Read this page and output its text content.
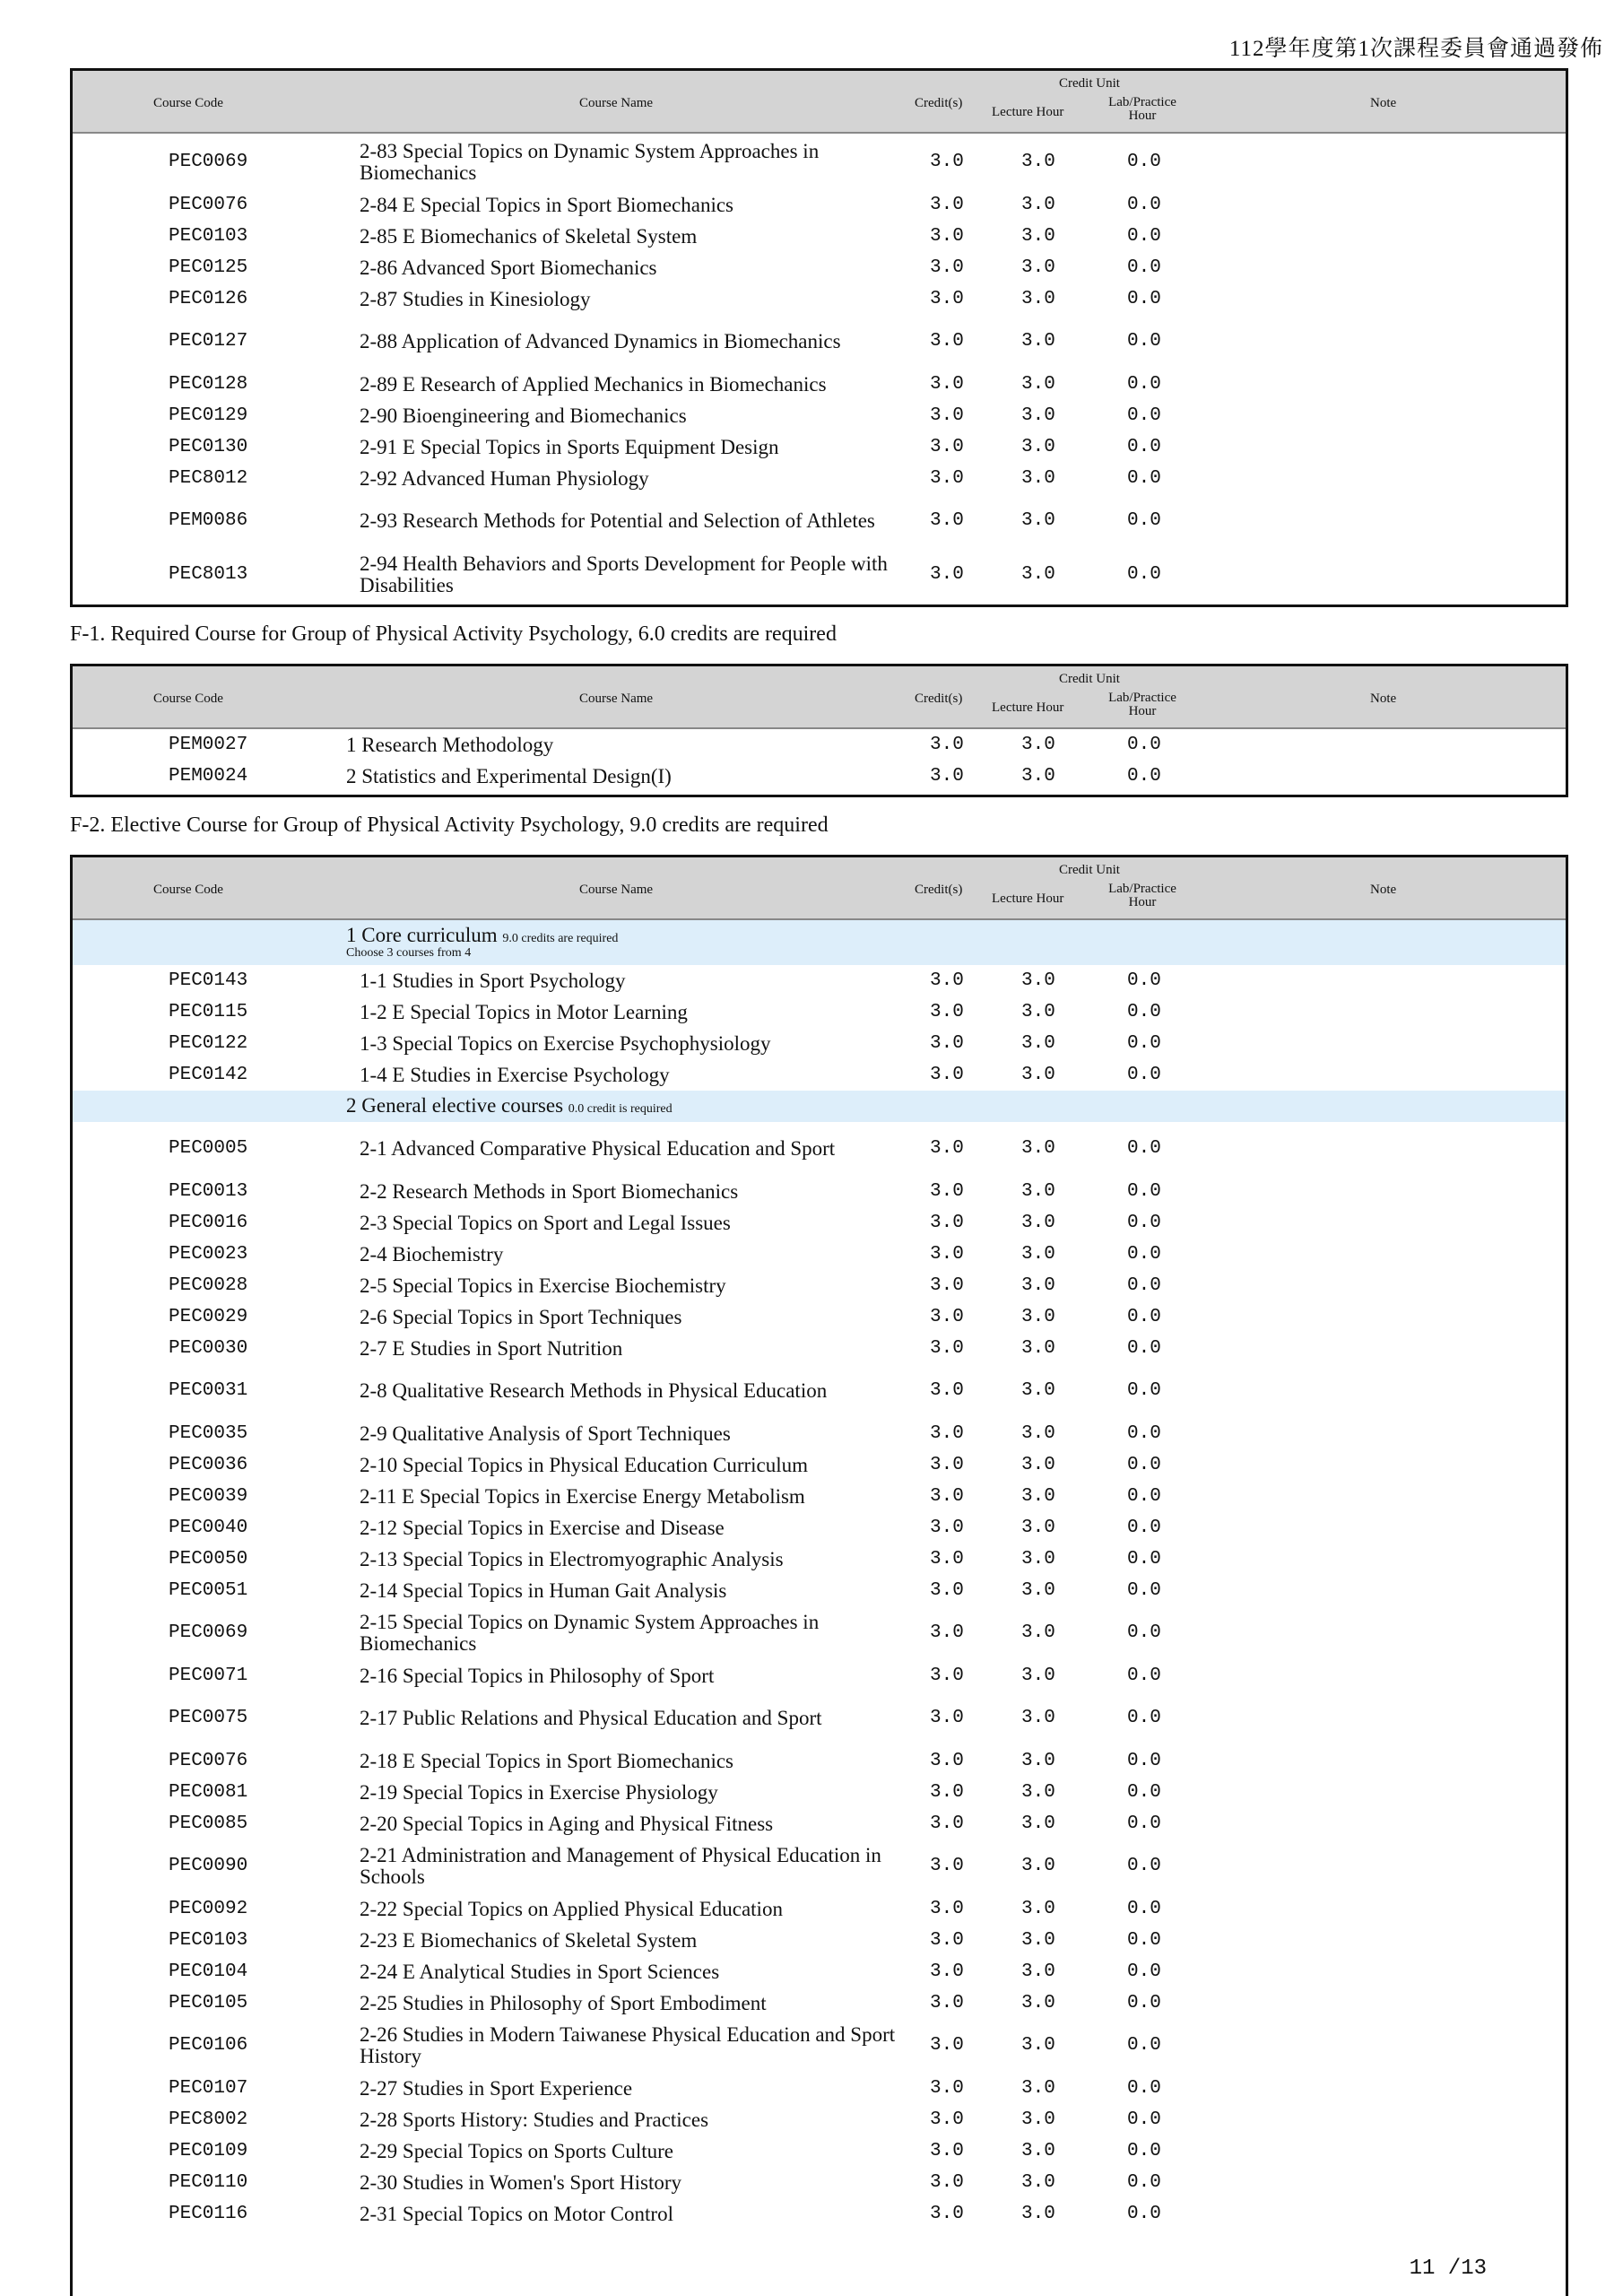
112學年度第1次課程委員會通過發佈
Course Code	Course Name	Credit(s)
Credit Unit
Lecture Hour
Lab/Practice Hour
Note
PEC0069	2-83 Special Topics on Dynamic System Approaches in Biomechanics	3.0	3.0	0.0
PEC0076	2-84 E Special Topics in Sport Biomechanics	3.0	3.0	0.0
PEC0103	2-85 E Biomechanics of Skeletal System	3.0	3.0	0.0
PEC0125	2-86 Advanced Sport Biomechanics	3.0	3.0	0.0
PEC0126	2-87 Studies in Kinesiology	3.0	3.0	0.0
PEC0127	2-88 Application of Advanced Dynamics in Biomechanics	3.0	3.0	0.0
PEC0128	2-89 E Research of Applied Mechanics in Biomechanics	3.0	3.0	0.0
PEC0129	2-90 Bioengineering and Biomechanics	3.0	3.0	0.0
PEC0130	2-91 E Special Topics in Sports Equipment Design	3.0	3.0	0.0
PEC8012	2-92 Advanced Human Physiology	3.0	3.0	0.0
PEM0086	2-93 Research Methods for Potential and Selection of Athletes	3.0	3.0	0.0
PEC8013	2-94 Health Behaviors and Sports Development for People with Disabilities	3.0	3.0	0.0
F-1. Required Course for Group of Physical Activity Psychology, 6.0 credits are required
Course Code	Course Name	Credit(s)
Credit Unit
Lecture Hour
Lab/Practice Hour
Note
PEM0027	1 Research Methodology	3.0	3.0	0.0
PEM0024	2 Statistics and Experimental Design(I)	3.0	3.0	0.0
F-2. Elective Course for Group of Physical Activity Psychology, 9.0 credits are required
Course Code	Course Name	Credit(s)
Credit Unit
Lecture Hour
Lab/Practice Hour
Note
1 Core curriculum 9.0 credits are required
Choose 3 courses from 4
PEC0143	1-1 Studies in Sport Psychology	3.0	3.0	0.0
PEC0115	1-2 E Special Topics in Motor Learning	3.0	3.0	0.0
PEC0122	1-3 Special Topics on Exercise Psychophysiology	3.0	3.0	0.0
PEC0142	1-4 E Studies in Exercise Psychology	3.0	3.0	0.0
2 General elective courses 0.0 credit is required
PEC0005	2-1 Advanced Comparative Physical Education and Sport	3.0	3.0	0.0
PEC0013	2-2 Research Methods in Sport Biomechanics	3.0	3.0	0.0
PEC0016	2-3 Special Topics on Sport and Legal Issues	3.0	3.0	0.0
PEC0023	2-4 Biochemistry	3.0	3.0	0.0
PEC0028	2-5 Special Topics in Exercise Biochemistry	3.0	3.0	0.0
PEC0029	2-6 Special Topics in Sport Techniques	3.0	3.0	0.0
PEC0030	2-7 E Studies in Sport Nutrition	3.0	3.0	0.0
PEC0031	2-8 Qualitative Research Methods in Physical Education	3.0	3.0	0.0
PEC0035	2-9 Qualitative Analysis of Sport Techniques	3.0	3.0	0.0
PEC0036	2-10 Special Topics in Physical Education Curriculum	3.0	3.0	0.0
PEC0039	2-11 E Special Topics in Exercise Energy Metabolism	3.0	3.0	0.0
PEC0040	2-12 Special Topics in Exercise and Disease	3.0	3.0	0.0
PEC0050	2-13 Special Topics in Electromyographic Analysis	3.0	3.0	0.0
PEC0051	2-14 Special Topics in Human Gait Analysis	3.0	3.0	0.0
PEC0069	2-15 Special Topics on Dynamic System Approaches in Biomechanics	3.0	3.0	0.0
PEC0071	2-16 Special Topics in Philosophy of Sport	3.0	3.0	0.0
PEC0075	2-17 Public Relations and Physical Education and Sport	3.0	3.0	0.0
PEC0076	2-18 E Special Topics in Sport Biomechanics	3.0	3.0	0.0
PEC0081	2-19 Special Topics in Exercise Physiology	3.0	3.0	0.0
PEC0085	2-20 Special Topics in Aging and Physical Fitness	3.0	3.0	0.0
PEC0090	2-21 Administration and Management of Physical Education in Schools	3.0	3.0	0.0
PEC0092	2-22 Special Topics on Applied Physical Education	3.0	3.0	0.0
PEC0103	2-23 E Biomechanics of Skeletal System	3.0	3.0	0.0
PEC0104	2-24 E Analytical Studies in Sport Sciences	3.0	3.0	0.0
PEC0105	2-25 Studies in Philosophy of Sport Embodiment	3.0	3.0	0.0
PEC0106	2-26 Studies in Modern Taiwanese Physical Education and Sport History	3.0	3.0	0.0
PEC0107	2-27 Studies in Sport Experience	3.0	3.0	0.0
PEC8002	2-28 Sports History: Studies and Practices	3.0	3.0	0.0
PEC0109	2-29 Special Topics on Sports Culture	3.0	3.0	0.0
PEC0110	2-30 Studies in Women's Sport History	3.0	3.0	0.0
PEC0116	2-31 Special Topics on Motor Control	3.0	3.0	0.0
11 /13
